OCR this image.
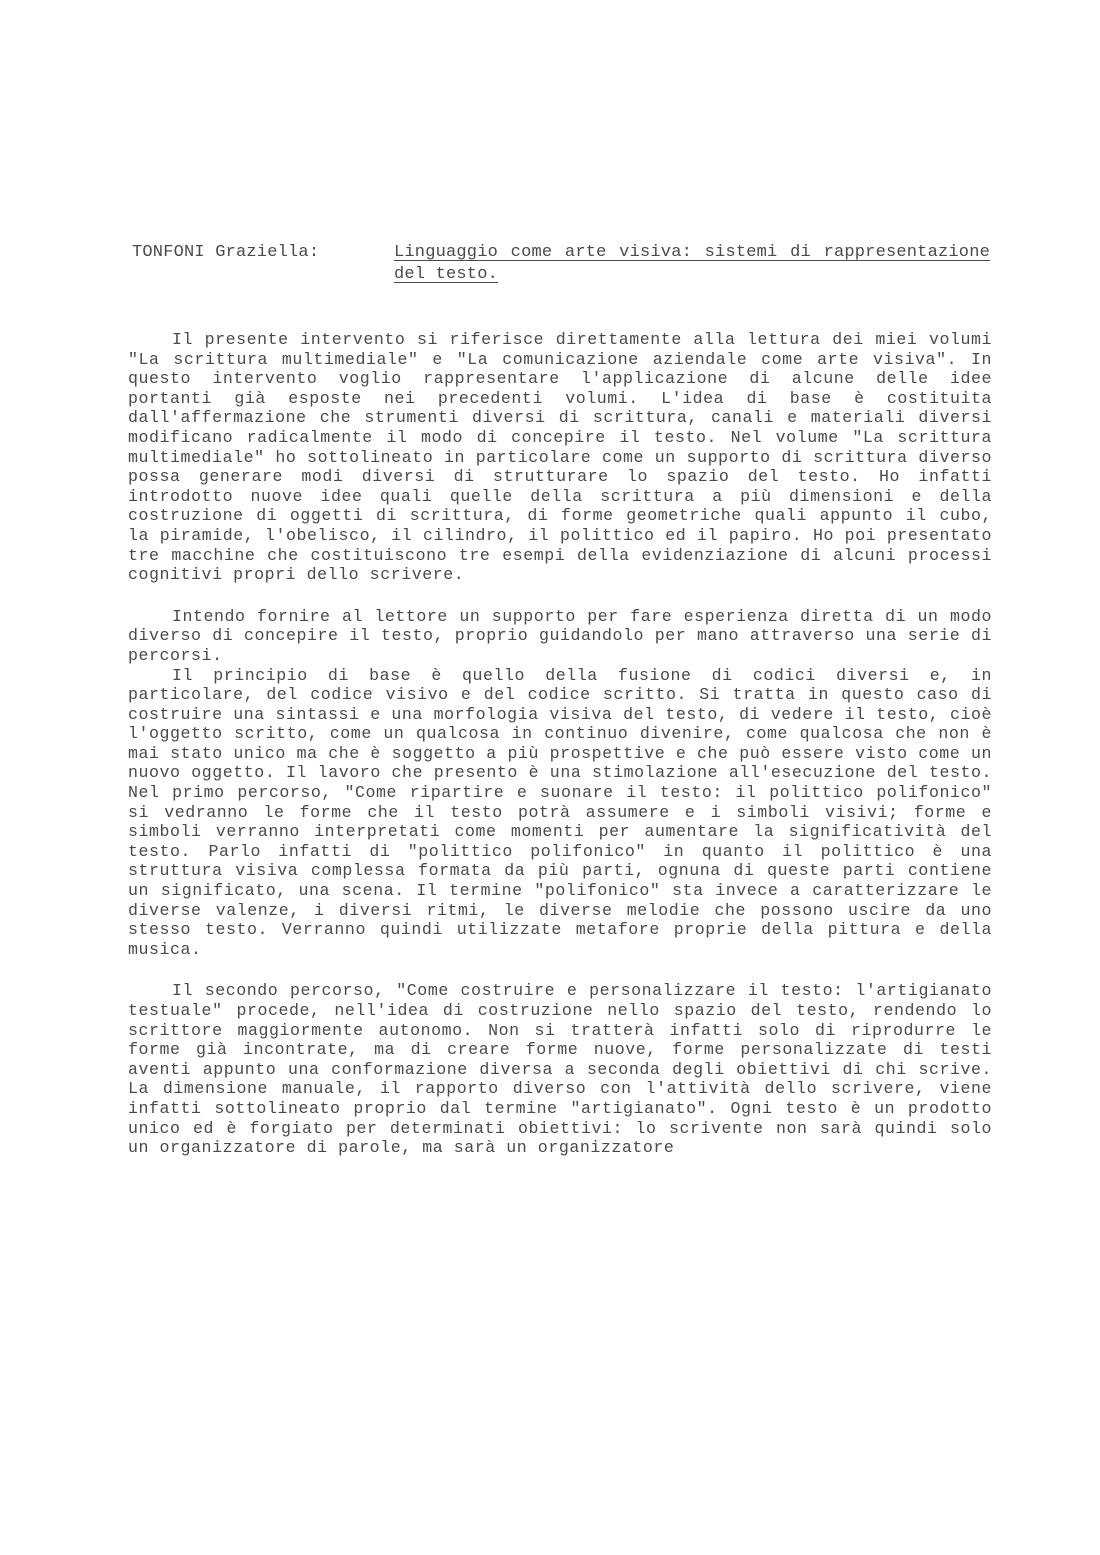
TONFONI Graziella:	Linguaggio come arte visiva: sistemi di rappresentazione del testo.

Il presente intervento si riferisce direttamente alla lettura dei miei volumi "La scrittura multimediale" e "La comunicazione aziendale come arte visiva". In questo intervento voglio rappresentare l'applicazione di alcune delle idee portanti già esposte nei precedenti volumi. L'idea di base è costituita dall'affermazione che strumenti diversi di scrittura, canali e materiali diversi modificano radicalmente il modo di concepire il testo. Nel volume "La scrittura multimediale" ho sottolineato in particolare come un supporto di scrittura diverso possa generare modi diversi di strutturare lo spazio del testo. Ho infatti introdotto nuove idee quali quelle della scrittura a più dimensioni e della costruzione di oggetti di scrittura, di forme geometriche quali appunto il cubo, la piramide, l'obelisco, il cilindro, il polittico ed il papiro. Ho poi presentato tre macchine che costituiscono tre esempi della evidenziazione di alcuni processi cognitivi propri dello scrivere.

Intendo fornire al lettore un supporto per fare esperienza diretta di un modo diverso di concepire il testo, proprio guidandolo per mano attraverso una serie di percorsi.

Il principio di base è quello della fusione di codici diversi e, in particolare, del codice visivo e del codice scritto. Si tratta in questo caso di costruire una sintassi e una morfologia visiva del testo, di vedere il testo, cioè l'oggetto scritto, come un qualcosa in continuo divenire, come qualcosa che non è mai stato unico ma che è soggetto a più prospettive e che può essere visto come un nuovo oggetto. Il lavoro che presento è una stimolazione all'esecuzione del testo. Nel primo percorso, "Come ripartire e suonare il testo: il polittico polifonico" si vedranno le forme che il testo potrà assumere e i simboli visivi; forme e simboli verranno interpretati come momenti per aumentare la significatività del testo. Parlo infatti di "polittico polifonico" in quanto il polittico è una struttura visiva complessa formata da più parti, ognuna di queste parti contiene un significato, una scena. Il termine "polifonico" sta invece a caratterizzare le diverse valenze, i diversi ritmi, le diverse melodie che possono uscire da uno stesso testo. Verranno quindi utilizzate metafore proprie della pittura e della musica.

Il secondo percorso, "Come costruire e personalizzare il testo: l'artigianato testuale" procede, nell'idea di costruzione nello spazio del testo, rendendo lo scrittore maggiormente autonomo. Non si tratterà infatti solo di riprodurre le forme già incontrate, ma di creare forme nuove, forme personalizzate di testi aventi appunto una conformazione diversa a seconda degli obiettivi di chi scrive. La dimensione manuale, il rapporto diverso con l'attività dello scrivere, viene infatti sottolineato proprio dal termine "artigianato". Ogni testo è un prodotto unico ed è forgiato per determinati obiettivi: lo scrivente non sarà quindi solo un organizzatore di parole, ma sarà un organizzatore
